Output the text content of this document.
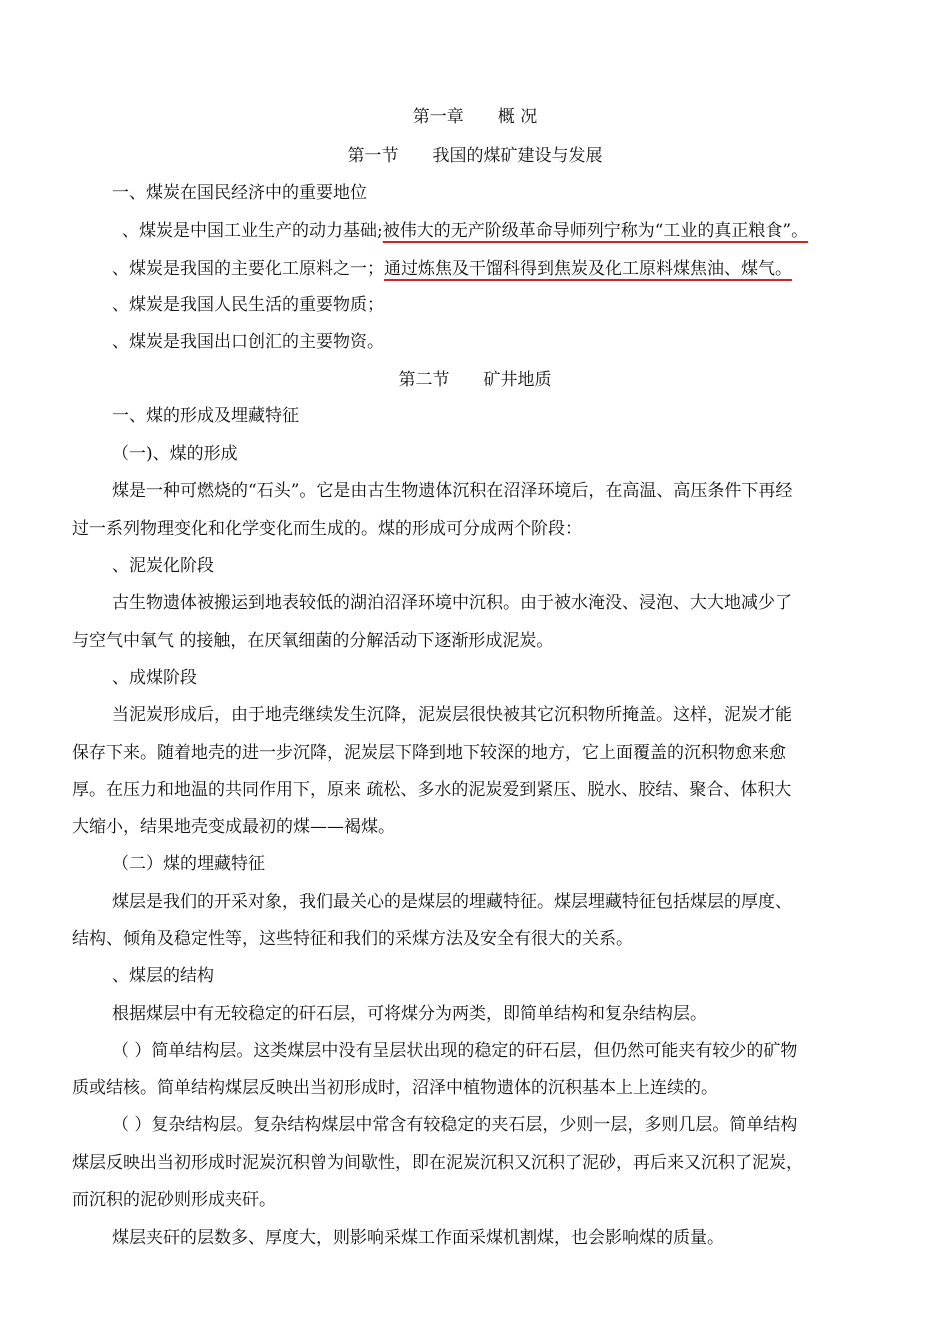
第一章 概 况
第一节 我国的煤矿建设与发展
一、煤炭在国民经济中的重要地位
、煤炭是中国工业生产的动力基础;被伟大的无产阶级革命导师列宁称为“工业的真正粮食”。
、煤炭是我国的主要化工原料之一；通过炼焦及干馏科得到焦炭及化工原料煤焦油、煤气。
、煤炭是我国人民生活的重要物质；
、煤炭是我国出口创汇的主要物资。
第二节 矿井地质
一、煤的形成及埋藏特征
（一)、煤的形成
煤是一种可燃烧的“石头”。它是由古生物遗体沉积在沼泽环境后，在高温、高压条件下再经
过一系列物理变化和化学变化而生成的。煤的形成可分成两个阶段：
、泥炭化阶段
古生物遗体被搬运到地表较低的湖泊沼泽环境中沉积。由于被水淹没、浸泡、大大地减少了
与空气中氧气 的接触，在厌氧细菌的分解活动下逐渐形成泥炭。
、成煤阶段
当泥炭形成后，由于地壳继续发生沉降，泥炭层很快被其它沉积物所掩盖。这样，泥炭才能
保存下来。随着地壳的进一步沉降，泥炭层下降到地下较深的地方，它上面覆盖的沉积物愈来愈
厚。在压力和地温的共同作用下，原来 疏松、多水的泥炭爱到紧压、脱水、胶结、聚合、体积大
大缩小，结果地壳变成最初的煤——褐煤。
（二）煤的埋藏特征
煤层是我们的开采对象，我们最关心的是煤层的埋藏特征。煤层埋藏特征包括煤层的厚度、
结构、倾角及稳定性等，这些特征和我们的采煤方法及安全有很大的关系。
、煤层的结构
根据煤层中有无较稳定的矸石层，可将煤分为两类，即简单结构和复杂结构层。
（ ）简单结构层。这类煤层中没有呈层状出现的稳定的矸石层，但仍然可能夹有较少的矿物
质或结核。简单结构煤层反映出当初形成时，沼泽中植物遗体的沉积基本上上连续的。
（ ）复杂结构层。复杂结构煤层中常含有较稳定的夹石层，少则一层，多则几层。简单结构
煤层反映出当初形成时泥炭沉积曾为间歇性，即在泥炭沉积又沉积了泥砂，再后来又沉积了泥炭，
而沉积的泥砂则形成夹矸。
煤层夹矸的层数多、厚度大，则影响采煤工作面采煤机割煤，也会影响煤的质量。
